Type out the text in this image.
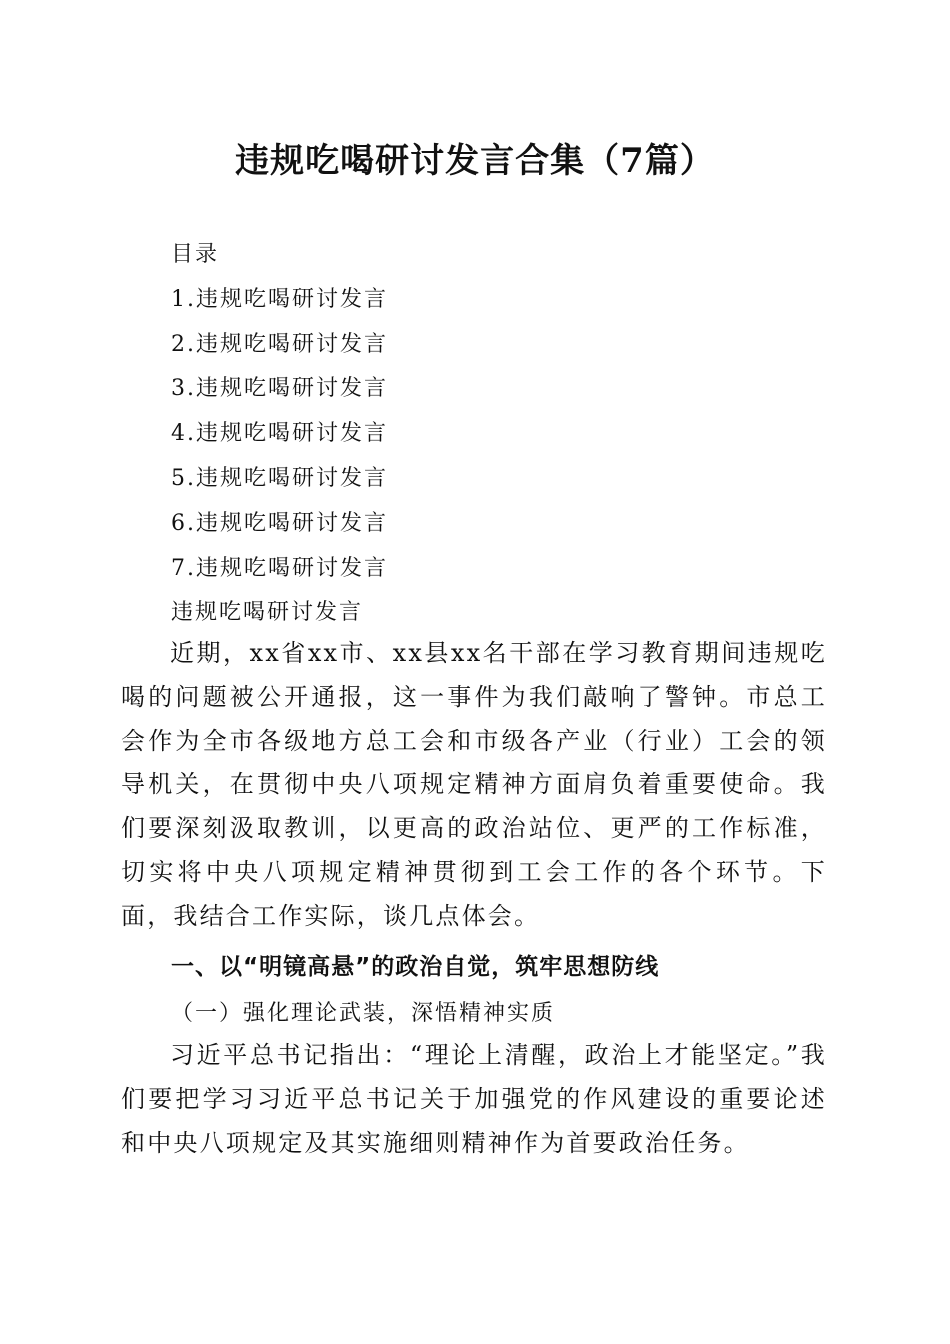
违规吃喝研讨发言合集（7篇）
目录
1.违规吃喝研讨发言
2.违规吃喝研讨发言
3.违规吃喝研讨发言
4.违规吃喝研讨发言
5.违规吃喝研讨发言
6.违规吃喝研讨发言
7.违规吃喝研讨发言
违规吃喝研讨发言
近期，xx省xx市、xx县xx名干部在学习教育期间违规吃喝的问题被公开通报，这一事件为我们敲响了警钟。市总工会作为全市各级地方总工会和市级各产业（行业）工会的领导机关，在贯彻中央八项规定精神方面肩负着重要使命。我们要深刻汲取教训，以更高的政治站位、更严的工作标准，切实将中央八项规定精神贯彻到工会工作的各个环节。下面，我结合工作实际，谈几点体会。
一、以“明镜高悬”的政治自觉，筑牢思想防线
（一）强化理论武装，深悟精神实质
习近平总书记指出：“理论上清醒，政治上才能坚定。”我们要把学习习近平总书记关于加强党的作风建设的重要论述和中央八项规定及其实施细则精神作为首要政治任务。
